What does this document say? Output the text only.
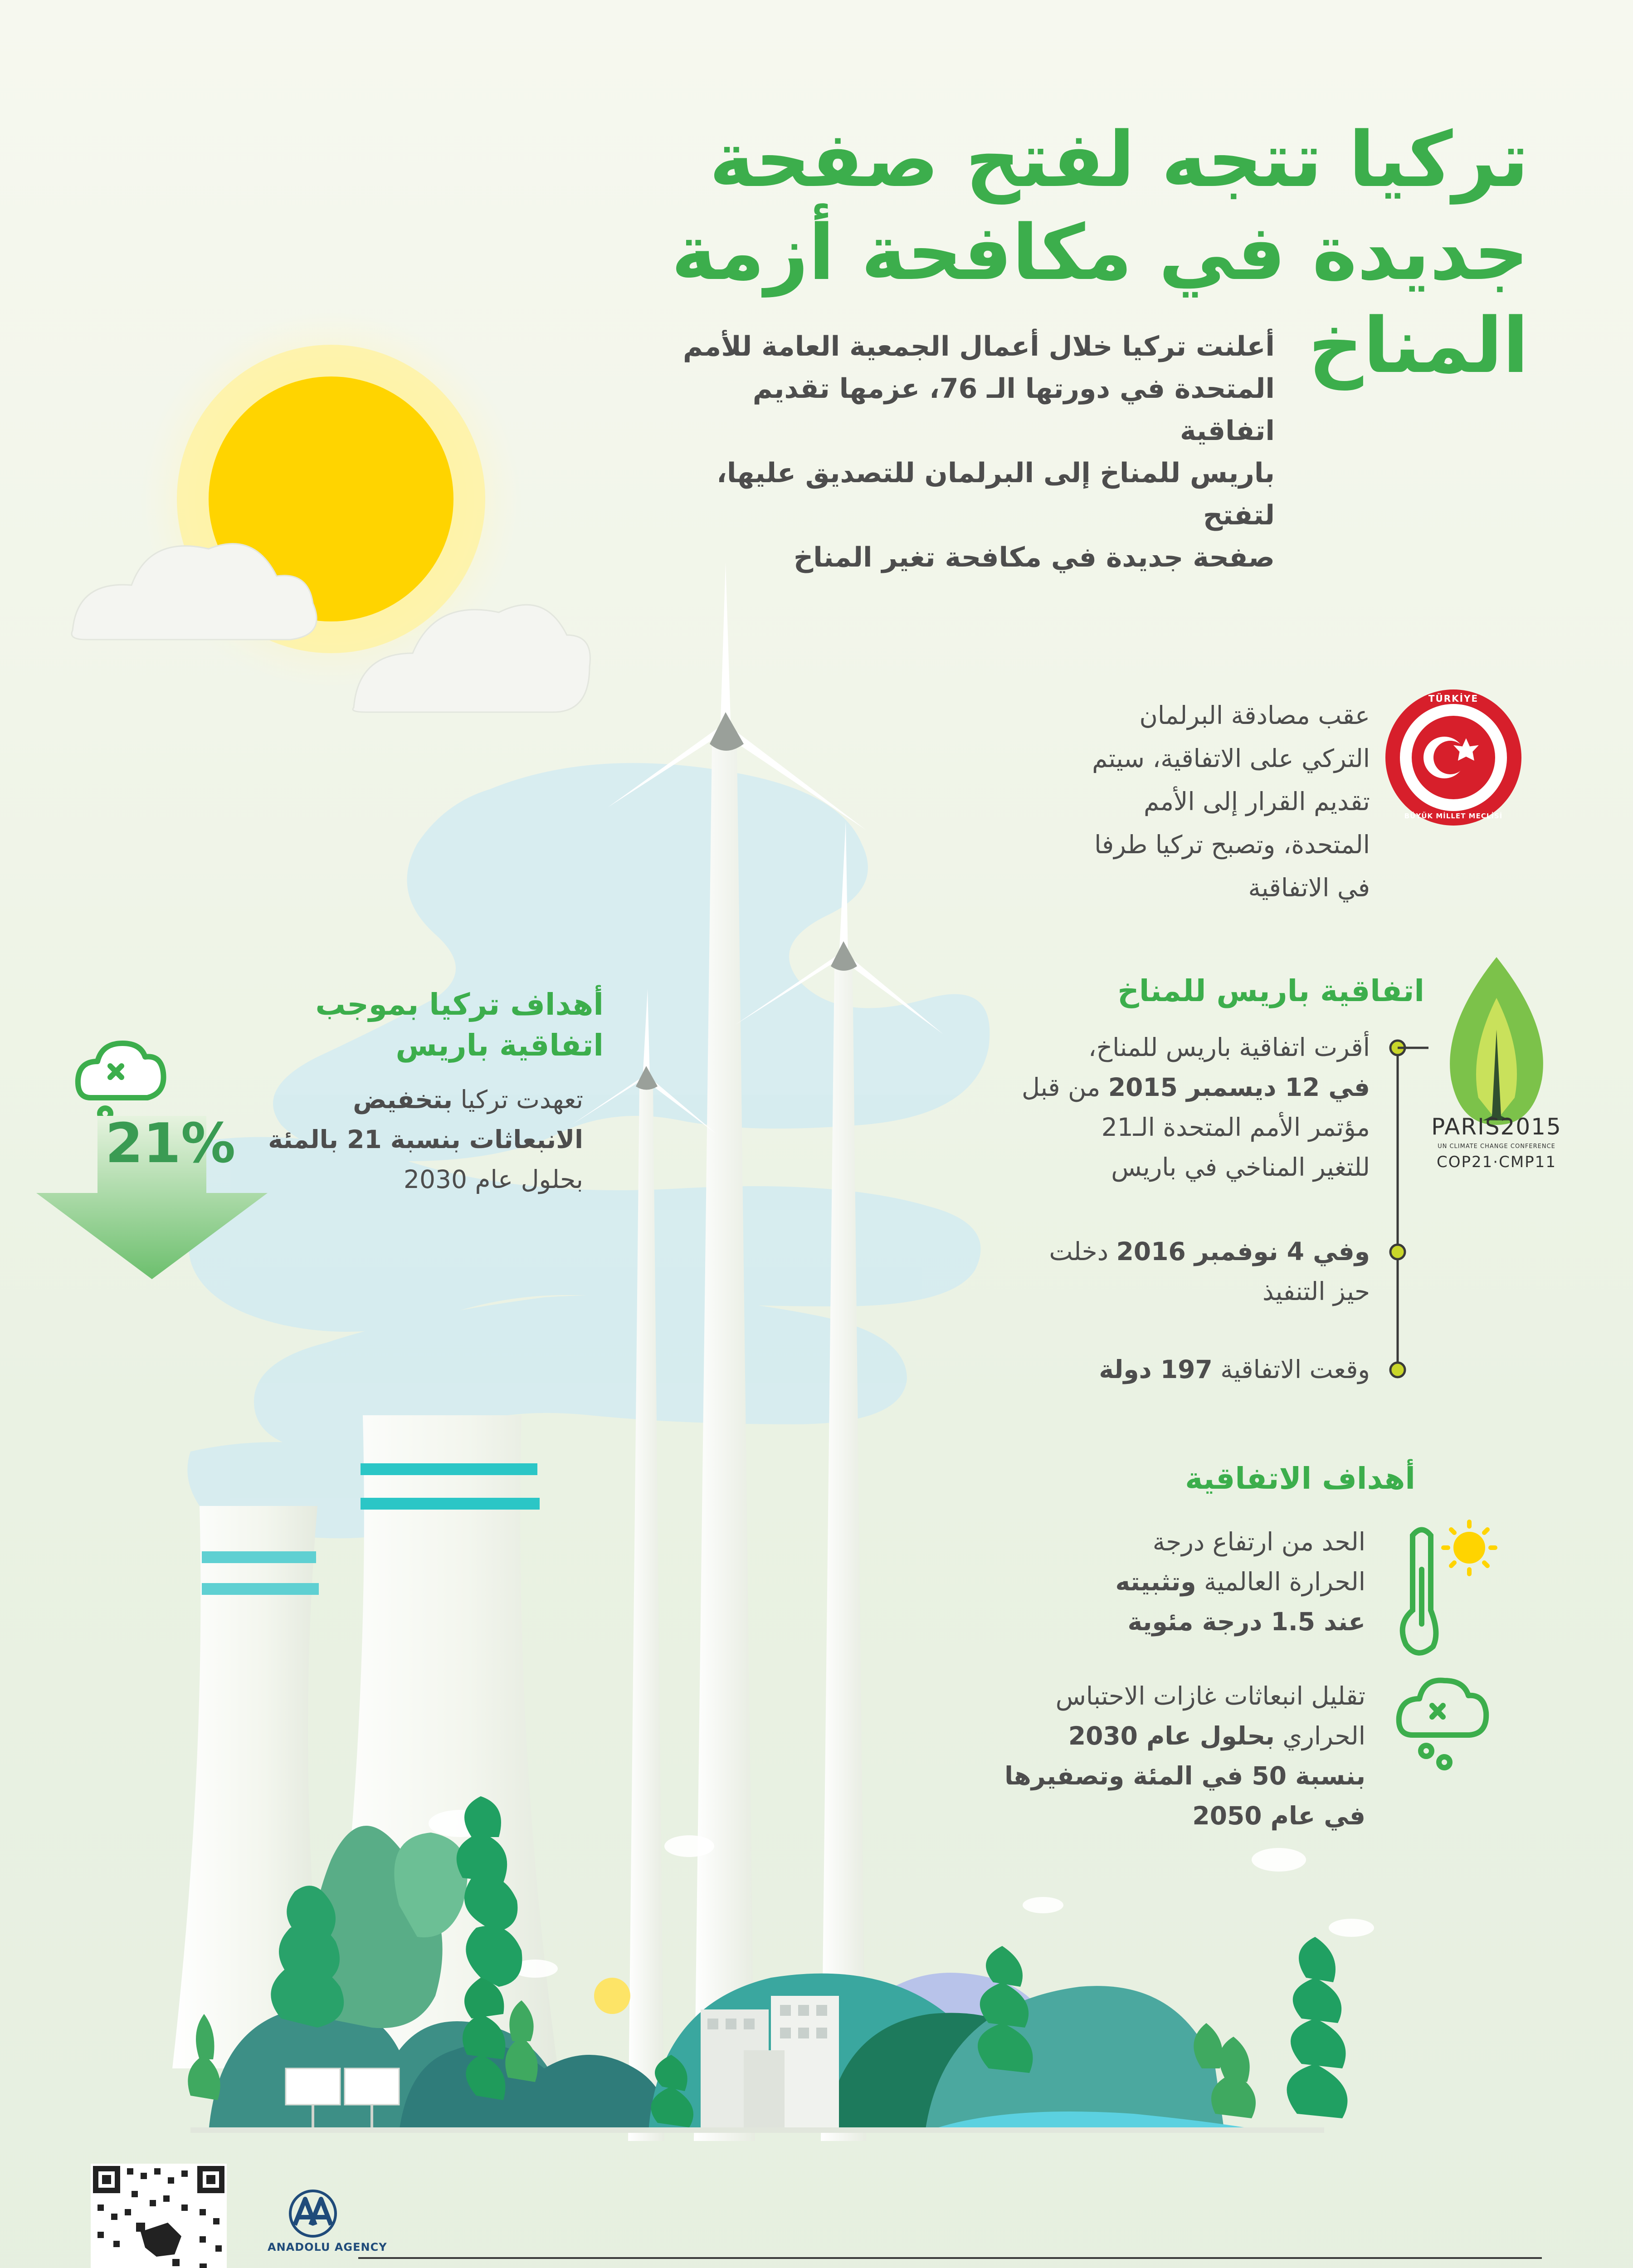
تركيا تتجه لفتح صفحة
جديدة في مكافحة أزمة
المناخ
أعلنت تركيا خلال أعمال الجمعية العامة للأمم
المتحدة في دورتها الـ 76، عزمها تقديم اتفاقية
باريس للمناخ إلى البرلمان للتصديق عليها، لتفتح
صفحة جديدة في مكافحة تغير المناخ
TÜRKİYE
BÜYÜK MİLLET MECLİSİ
عقب مصادقة البرلمان
التركي على الاتفاقية، سيتم
تقديم القرار إلى الأمم
المتحدة، وتصبح تركيا طرفا
في الاتفاقية
اتفاقية باريس للمناخ
أقرت اتفاقية باريس للمناخ،
في 12 ديسمبر 2015 من قبل
مؤتمر الأمم المتحدة الـ21
للتغير المناخي في باريس
وفي 4 نوفمبر 2016 دخلت
حيز التنفيذ
وقعت الاتفاقية 197 دولة
PARIS2015
UN CLIMATE CHANGE CONFERENCE
COP21·CMP11
أهداف الاتفاقية
الحد من ارتفاع درجة
الحرارة العالمية وتثبيته
عند 1.5 درجة مئوية
تقليل انبعاثات غازات الاحتباس
الحراري بحلول عام 2030
بنسبة 50 في المئة وتصفيرها
في عام 2050
أهداف تركيا بموجب
اتفاقية باريس
تعهدت تركيا بتخفيض
الانبعاثات بنسبة 21 بالمئة
بحلول عام 2030
21%
ANADOLU AGENCY
